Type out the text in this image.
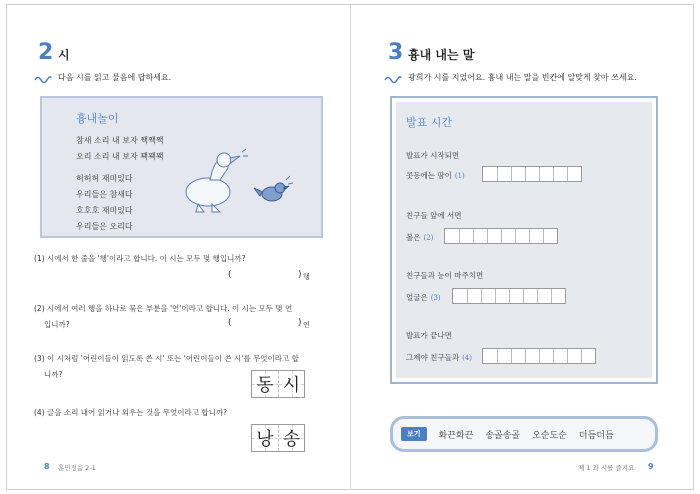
2 시
다음 시를 읽고 물음에 답하세요.
흉내놀이
참새 소리 내 보자 짹짹짹
오리 소리 내 보자 꽥꽥꽥
허허허 재미있다
우리들은 참새다
호호호 재미있다
우리들은 오리다
(1) 시에서 한 줄을 '행'이라고 합니다. 이 시는 모두 몇 행입니까?
(	) 행
(2) 시에서 여러 행을 하나로 묶은 부분을 '연'이라고 합니다. 이 시는 모두 몇 연
입니까?	(	) 연
(3) 이 시처럼 '어린이들이 읽도록 쓴 시' 또는 '어린이들이 쓴 시'를 무엇이라고 합
니까?
동 시
(4) 글을 소리 내어 읽거나 외우는 것을 무엇이라고 합니까?
낭 송
8 훈민정음 2-1
3 흉내 내는 말
광희가 시를 지었어요. 흉내 내는 말을 빈칸에 알맞게 찾아 쓰세요.
발표 시간
발표가 시작되면
콧등에는 땀이 (1)
친구들 앞에 서면
볼은 (2)
친구들과 눈이 마주치면
얼굴은 (3)
발표가 끝나면
그제야 친구들과 (4)
보기	화끈화끈 송골송골 오순도순 더듬더듬
제 1 과 시를 즐겨요 9
